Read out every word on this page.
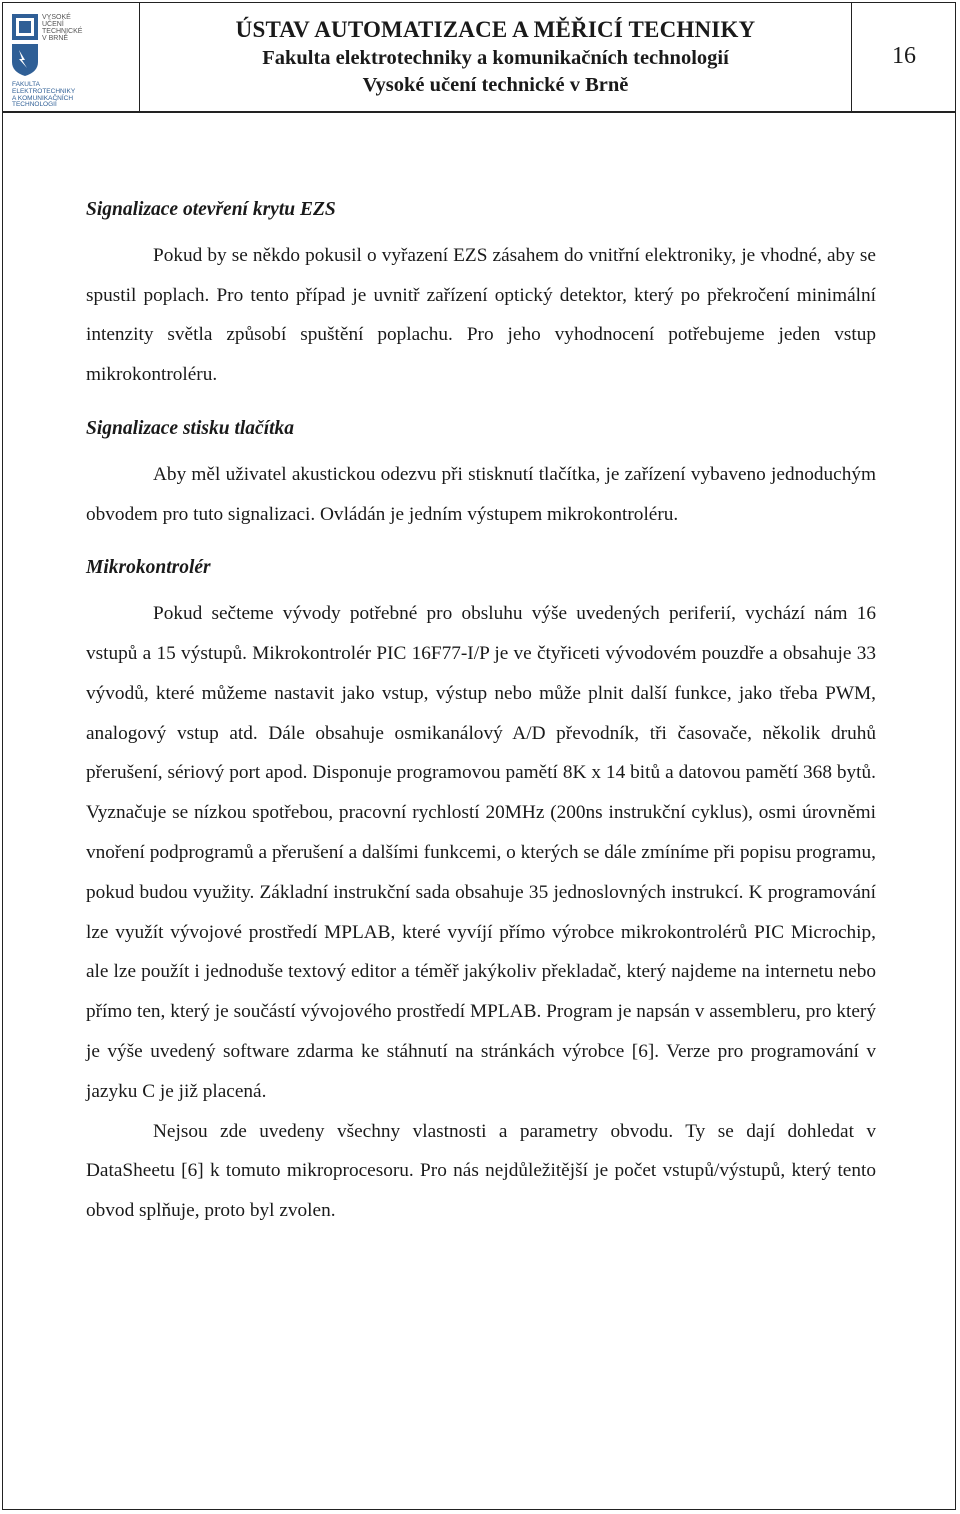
VYSOKÉ
UČENÍ
TECHNICKÉ
V BRNĚ
FAKULTA
ELEKTROTECHNIKY
A KOMUNIKAČNÍCH
TECHNOLOGIÍ
ÚSTAV AUTOMATIZACE A MĚŘICÍ TECHNIKY
Fakulta elektrotechniky a komunikačních technologií
Vysoké učení technické v Brně
16
Signalizace otevření krytu EZS

Pokud by se někdo pokusil o vyřazení EZS zásahem do vnitřní elektroniky, je vhodné, aby se spustil poplach. Pro tento případ je uvnitř zařízení optický detektor, který po překročení minimální intenzity světla způsobí spuštění poplachu. Pro jeho vyhodnocení potřebujeme jeden vstup mikrokontroléru.

Signalizace stisku tlačítka

Aby měl uživatel akustickou odezvu při stisknutí tlačítka, je zařízení vybaveno jednoduchým obvodem pro tuto signalizaci. Ovládán je jedním výstupem mikrokontroléru.

Mikrokontrolér

Pokud sečteme vývody potřebné pro obsluhu výše uvedených periferií, vychází nám 16 vstupů a 15 výstupů. Mikrokontrolér PIC 16F77-I/P je ve čtyřiceti vývodovém pouzdře a obsahuje 33 vývodů, které můžeme nastavit jako vstup, výstup nebo může plnit další funkce, jako třeba PWM, analogový vstup atd. Dále obsahuje osmikanálový A/D převodník, tři časovače, několik druhů přerušení, sériový port apod. Disponuje programovou pamětí 8K x 14 bitů a datovou pamětí 368 bytů. Vyznačuje se nízkou spotřebou, pracovní rychlostí 20MHz (200ns instrukční cyklus), osmi úrovněmi vnoření podprogramů a přerušení a dalšími funkcemi, o kterých se dále zmíníme při popisu programu, pokud budou využity. Základní instrukční sada obsahuje 35 jednoslovných instrukcí. K programování lze využít vývojové prostředí MPLAB, které vyvíjí přímo výrobce mikrokontrolérů PIC Microchip, ale lze použít i jednoduše textový editor a téměř jakýkoliv překladač, který najdeme na internetu nebo přímo ten, který je součástí vývojového prostředí MPLAB. Program je napsán v assembleru, pro který je výše uvedený software zdarma ke stáhnutí na stránkách výrobce [6]. Verze pro programování v jazyku C je již placená.

Nejsou zde uvedeny všechny vlastnosti a parametry obvodu. Ty se dají dohledat v DataSheetu [6] k tomuto mikroprocesoru. Pro nás nejdůležitější je počet vstupů/výstupů, který tento obvod splňuje, proto byl zvolen.
